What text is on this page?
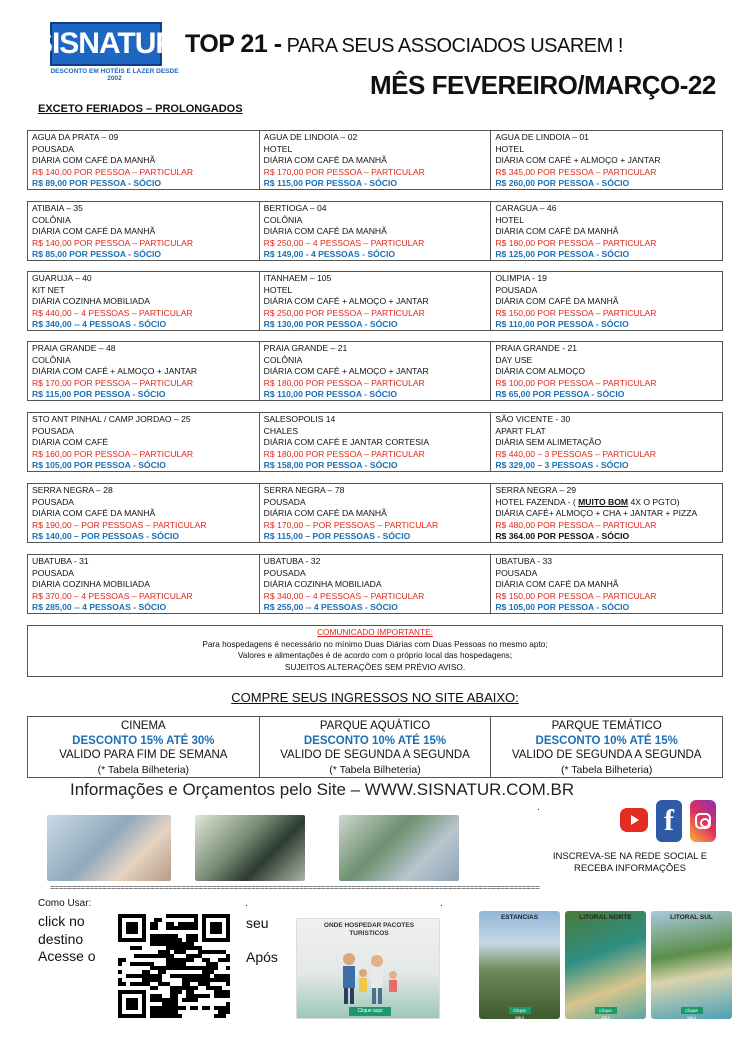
SISNATUR
DESCONTO EM HOTÉIS E LAZER DESDE 2002
TOP 21 - PARA SEUS ASSOCIADOS USAREM !
MÊS FEVEREIRO/MARÇO-22
EXCETO FERIADOS – PROLONGADOS
AGUA DA PRATA – 09
POUSADA
DIÁRIA COM CAFÉ DA MANHÃ
R$ 140,00 POR PESSOA – PARTICULAR
R$ 89,00 POR PESSOA - SÓCIO
AGUA DE LINDOIA – 02
HOTEL
DIÁRIA COM CAFÉ DA MANHÃ
R$ 170,00 POR PESSOA – PARTICULAR
R$ 115,00 POR PESSOA - SÓCIO
AGUA DE LINDOIA – 01
HOTEL
DIÁRIA COM CAFÉ + ALMOÇO + JANTAR
R$ 345,00 POR PESSOA – PARTICULAR
R$ 260,00 POR PESSOA - SÓCIO
ATIBAIA – 35
COLÔNIA
DIÁRIA COM CAFÉ DA MANHÃ
R$ 140,00 POR PESSOA – PARTICULAR
R$ 85,00 POR PESSOA - SÓCIO
BERTIOGA – 04
COLÔNIA
DIÁRIA COM CAFÉ DA MANHÃ
R$ 250,00 – 4 PESSOAS – PARTICULAR
R$ 149,00 - 4 PESSOAS - SÓCIO
CARAGUA – 46
HOTEL
DIÁRIA COM CAFÉ DA MANHÃ
R$ 180,00 POR PESSOA – PARTICULAR
R$ 125,00 POR PESSOA - SÓCIO
GUARUJA – 40
KIT NET
DIÁRIA COZINHA MOBILIADA
R$ 440,00 – 4 PESSOAS – PARTICULAR
R$ 340,00 -- 4 PESSOAS - SÓCIO
ITANHAEM – 105
HOTEL
DIÁRIA COM CAFÉ + ALMOÇO + JANTAR
R$ 250,00 POR PESSOA – PARTICULAR
R$ 130,00 POR PESSOA - SÓCIO
OLIMPIA - 19
POUSADA
DIÁRIA COM CAFÉ DA MANHÃ
R$ 150,00 POR PESSOA – PARTICULAR
R$ 110,00 POR PESSOA - SÓCIO
PRAIA GRANDE – 48
COLÔNIA
DIÁRIA COM CAFÉ + ALMOÇO + JANTAR
R$ 170,00 POR PESSOA – PARTICULAR
R$ 115,00 POR PESSOA - SÓCIO
PRAIA GRANDE – 21
COLÔNIA
DIÁRIA COM CAFÉ + ALMOÇO + JANTAR
R$ 180,00 POR PESSOA – PARTICULAR
R$ 110,00 POR PESSOA - SÓCIO
PRAIA GRANDE - 21
DAY USE
DIÁRIA COM ALMOÇO
R$ 100,00 POR PESSOA – PARTICULAR
R$ 65,00 POR PESSOA - SÓCIO
STO ANT PINHAL / CAMP JORDAO – 25
POUSADA
DIÁRIA COM CAFÉ
R$ 160,00 POR PESSOA – PARTICULAR
R$ 105,00 POR PESSOA - SÓCIO
SALESOPOLIS 14
CHALES
DIÁRIA COM CAFÉ E JANTAR CORTESIA
R$ 180,00 POR PESSOA – PARTICULAR
R$ 158,00 POR PESSOA - SÓCIO
SÃO VICENTE - 30
APART FLAT
DIÁRIA SEM ALIMETAÇÃO
R$ 440,00 – 3 PESSOAS – PARTICULAR
R$ 329,00 – 3 PESSOAS - SÓCIO
SERRA NEGRA – 28
POUSADA
DIÁRIA COM CAFÉ DA MANHÃ
R$ 190,00 – POR PESSOAS – PARTICULAR
R$ 140,00 – POR PESSOAS - SÓCIO
SERRA NEGRA – 78
POUSADA
DIÁRIA COM CAFÉ DA MANHÃ
R$ 170,00 – POR PESSOAS – PARTICULAR
R$ 115,00 – POR PESSOAS - SÓCIO
SERRA NEGRA – 29
HOTEL FAZENDA - ( MUITO BOM 4X O PGTO)
DIÁRIA CAFÉ+ ALMOÇO + CHA + JANTAR + PIZZA
R$ 480,00 POR PESSOA – PARTICULAR
R$ 364.00 POR PESSOA - SÓCIO
UBATUBA - 31
POUSADA
DIÁRIA COZINHA MOBILIADA
R$ 370,00 – 4 PESSOAS – PARTICULAR
R$ 285,00 -- 4 PESSOAS - SÓCIO
UBATUBA - 32
POUSADA
DIÁRIA COZINHA MOBILIADA
R$ 340,00 – 4 PESSOAS – PARTICULAR
R$ 255,00 -- 4 PESSOAS - SÓCIO
UBATUBA - 33
POUSADA
DIÁRIA COM CAFÉ DA MANHÃ
R$ 150,00 POR PESSOA – PARTICULAR
R$ 105,00 POR PESSOA - SÓCIO
COMUNICADO IMPORTANTE:
Para hospedagens é necessário no mínimo Duas Diárias com Duas Pessoas no mesmo apto;
Valores e alimentações é de acordo com o próprio local das hospedagens;
SUJEITOS ALTERAÇÕES SEM PRÉVIO AVISO.
COMPRE SEUS INGRESSOS NO SITE ABAIXO:
CINEMA
DESCONTO 15% ATÉ 30%
VALIDO PARA FIM DE SEMANA
(* Tabela Bilheteria)
PARQUE AQUÁTICO
DESCONTO 10% ATÉ 15%
VALIDO DE SEGUNDA A SEGUNDA
(* Tabela Bilheteria)
PARQUE TEMÁTICO
DESCONTO 10% ATÉ 15%
VALIDO DE SEGUNDA A SEGUNDA
(* Tabela Bilheteria)
Informações e Orçamentos pelo Site – WWW.SISNATUR.COM.BR
.	f
INSCREVA-SE NA REDE SOCIAL E RECEBA INFORMAÇÕES
================================================================================================================
Como Usar:
click no
destino
Acesse o
.	.
seu
Após
ONDE HOSPEDAR PACOTES TURISTICOS
Clique aqui
ESTANCIAS
Clique aqui
LITORAL NORTE
Clique aqui
LITORAL SUL
Clique aqui
